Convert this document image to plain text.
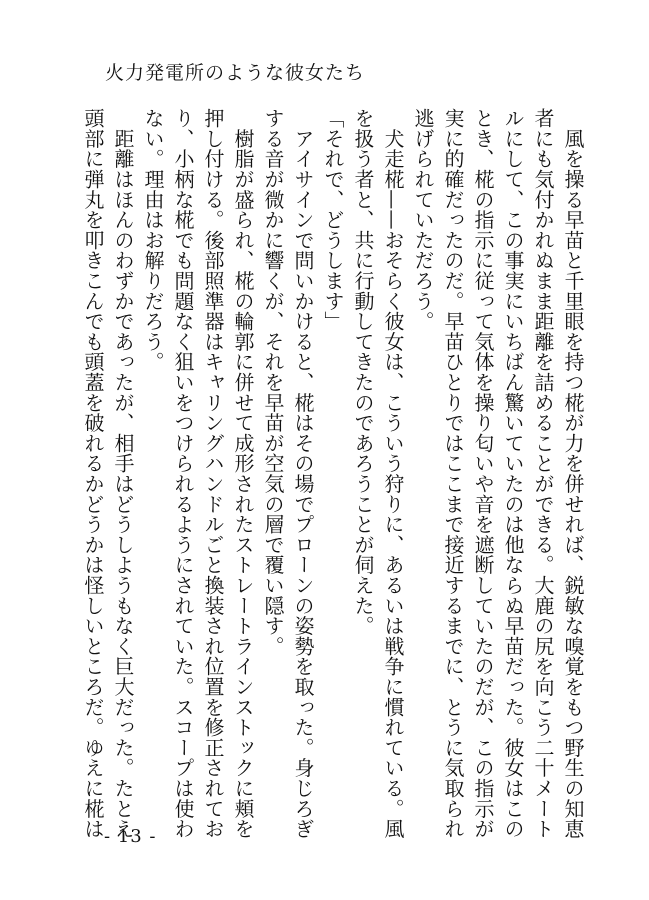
火力発電所のような彼女たち
　風を操る早苗と千里眼を持つ椛が力を併せれば、鋭敏な嗅覚をもつ野生の知恵
者にも気付かれぬまま距離を詰めることができる。大鹿の尻を向こう二十メート
ルにして、この事実にいちばん驚いていたのは他ならぬ早苗だった。彼女はこの
とき、椛の指示に従って気体を操り匂いや音を遮断していたのだが、この指示が
実に的確だったのだ。早苗ひとりではここまで接近するまでに、とうに気取られ
逃げられていただろう。
　犬走椛——おそらく彼女は、こういう狩りに、あるいは戦争に慣れている。風
を扱う者と、共に行動してきたのであろうことが伺えた。
「それで、どうします」
　アイサインで問いかけると、椛はその場でプローンの姿勢を取った。身じろぎ
する音が微かに響くが、それを早苗が空気の層で覆い隠す。
　樹脂が盛られ、椛の輪郭に併せて成形されたストレートラインストックに頬を
押し付ける。後部照準器はキャリングハンドルごと換装され位置を修正されてお
り、小柄な椛でも問題なく狙いをつけられるようにされていた。スコープは使わ
ない。理由はお解りだろう。
　距離はほんのわずかであったが、相手はどうしようもなく巨大だった。たとえ
頭部に弾丸を叩きこんでも頭蓋を破れるかどうかは怪しいところだ。ゆえに椛は - 13 -
